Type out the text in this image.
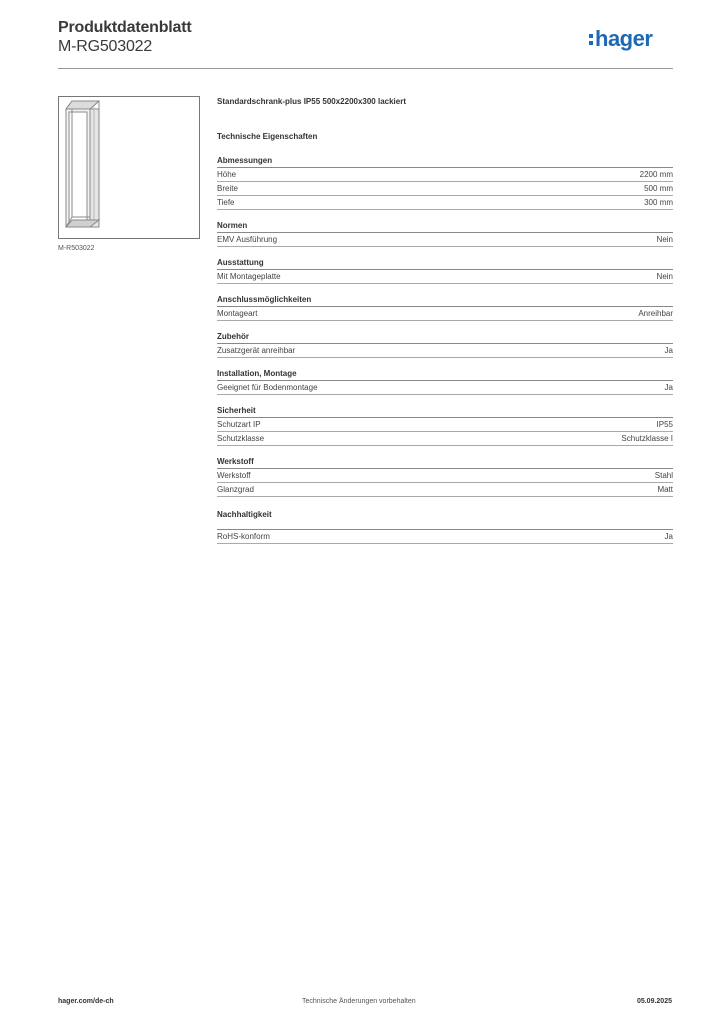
Produktdatenblatt
M-RG503022	hager
M-R503022
Standardschrank-plus IP55 500x2200x300 lackiert
Technische Eigenschaften
Abmessungen
Höhe	2200 mm
Breite	500 mm
Tiefe	300 mm
Normen
EMV Ausführung	Nein
Ausstattung
Mit Montageplatte	Nein
Anschlussmöglichkeiten
Montageart	Anreihbar
Zubehör
Zusatzgerät anreihbar	Ja
Installation, Montage
Geeignet für Bodenmontage	Ja
Sicherheit
Schutzart IP	IP55
Schutzklasse	Schutzklasse I
Werkstoff
Werkstoff	Stahl
Glanzgrad	Matt
Nachhaltigkeit
RoHS-konform	Ja
hager.com/de-ch	Technische Änderungen vorbehalten	05.09.2025
